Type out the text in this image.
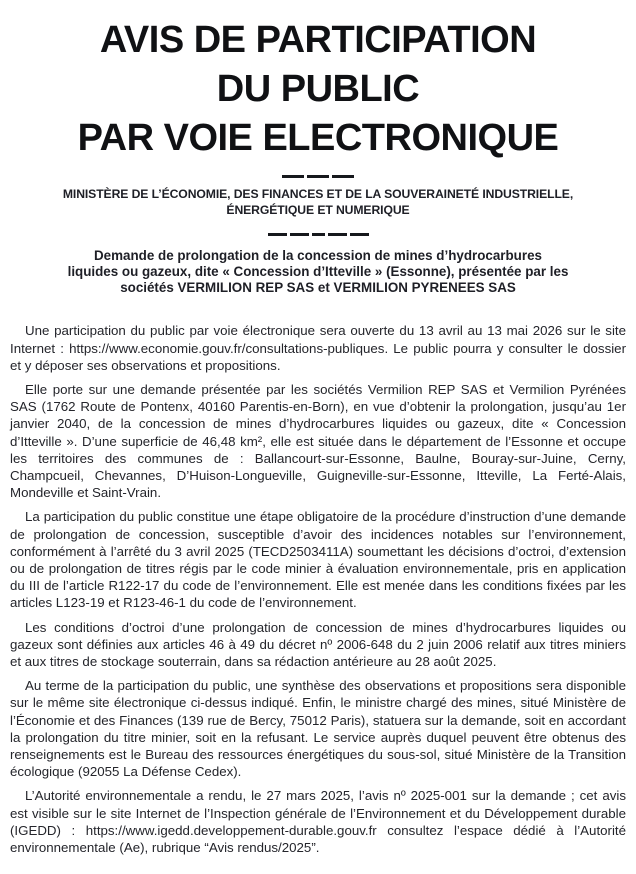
AVIS DE PARTICIPATION
DU PUBLIC
PAR VOIE ELECTRONIQUE
MINISTÈRE DE L’ÉCONOMIE, DES FINANCES ET DE LA SOUVERAINETÉ INDUSTRIELLE,
ÉNERGÉTIQUE ET NUMERIQUE
Demande de prolongation de la concession de mines d’hydrocarbures
liquides ou gazeux, dite « Concession d’Itteville » (Essonne), présentée par les
sociétés VERMILION REP SAS et VERMILION PYRENEES SAS

Une participation du public par voie électronique sera ouverte du 13 avril au 13 mai 2026 sur le site Internet : https://www.economie.gouv.fr/consultations-publiques. Le public pourra y consulter le dossier et y déposer ses observations et propositions.

Elle porte sur une demande présentée par les sociétés Vermilion REP SAS et Vermilion Pyrénées SAS (1762 Route de Pontenx, 40160 Parentis-en-Born), en vue d’obtenir la prolongation, jusqu’au 1er janvier 2040, de la concession de mines d’hydrocarbures liquides ou gazeux, dite « Concession d’Itteville ». D’une superficie de 46,48 km², elle est située dans le département de l’Essonne et occupe les territoires des communes de : Ballancourt-sur-Essonne, Baulne, Bouray-sur-Juine, Cerny, Champcueil, Chevannes, D’Huison-Longueville, Guigneville-sur-Essonne, Itteville, La Ferté-Alais, Mondeville et Saint-Vrain.

La participation du public constitue une étape obligatoire de la procédure d’instruction d’une demande de prolongation de concession, susceptible d’avoir des incidences notables sur l’environnement, conformément à l’arrêté du 3 avril 2025 (TECD2503411A) soumettant les décisions d’octroi, d’extension ou de prolongation de titres régis par le code minier à évaluation environnementale, pris en application du III de l’article R122-17 du code de l’environnement. Elle est menée dans les conditions fixées par les articles L123-19 et R123-46-1 du code de l’environnement.

Les conditions d’octroi d’une prolongation de concession de mines d’hydrocarbures liquides ou gazeux sont définies aux articles 46 à 49 du décret nº 2006-648 du 2 juin 2006 relatif aux titres miniers et aux titres de stockage souterrain, dans sa rédaction antérieure au 28 août 2025.

Au terme de la participation du public, une synthèse des observations et propositions sera disponible sur le même site électronique ci-dessus indiqué. Enfin, le ministre chargé des mines, situé Ministère de l’Économie et des Finances (139 rue de Bercy, 75012 Paris), statuera sur la demande, soit en accordant la prolongation du titre minier, soit en la refusant. Le service auprès duquel peuvent être obtenus des renseignements est le Bureau des ressources énergétiques du sous-sol, situé Ministère de la Transition écologique (92055 La Défense Cedex).

L’Autorité environnementale a rendu, le 27 mars 2025, l’avis nº 2025-001 sur la demande ; cet avis est visible sur le site Internet de l’Inspection générale de l’Environnement et du Développement durable (IGEDD) : https://www.igedd.developpement-durable.gouv.fr consultez l’espace dédié à l’Autorité environnementale (Ae), rubrique “Avis rendus/2025”.
